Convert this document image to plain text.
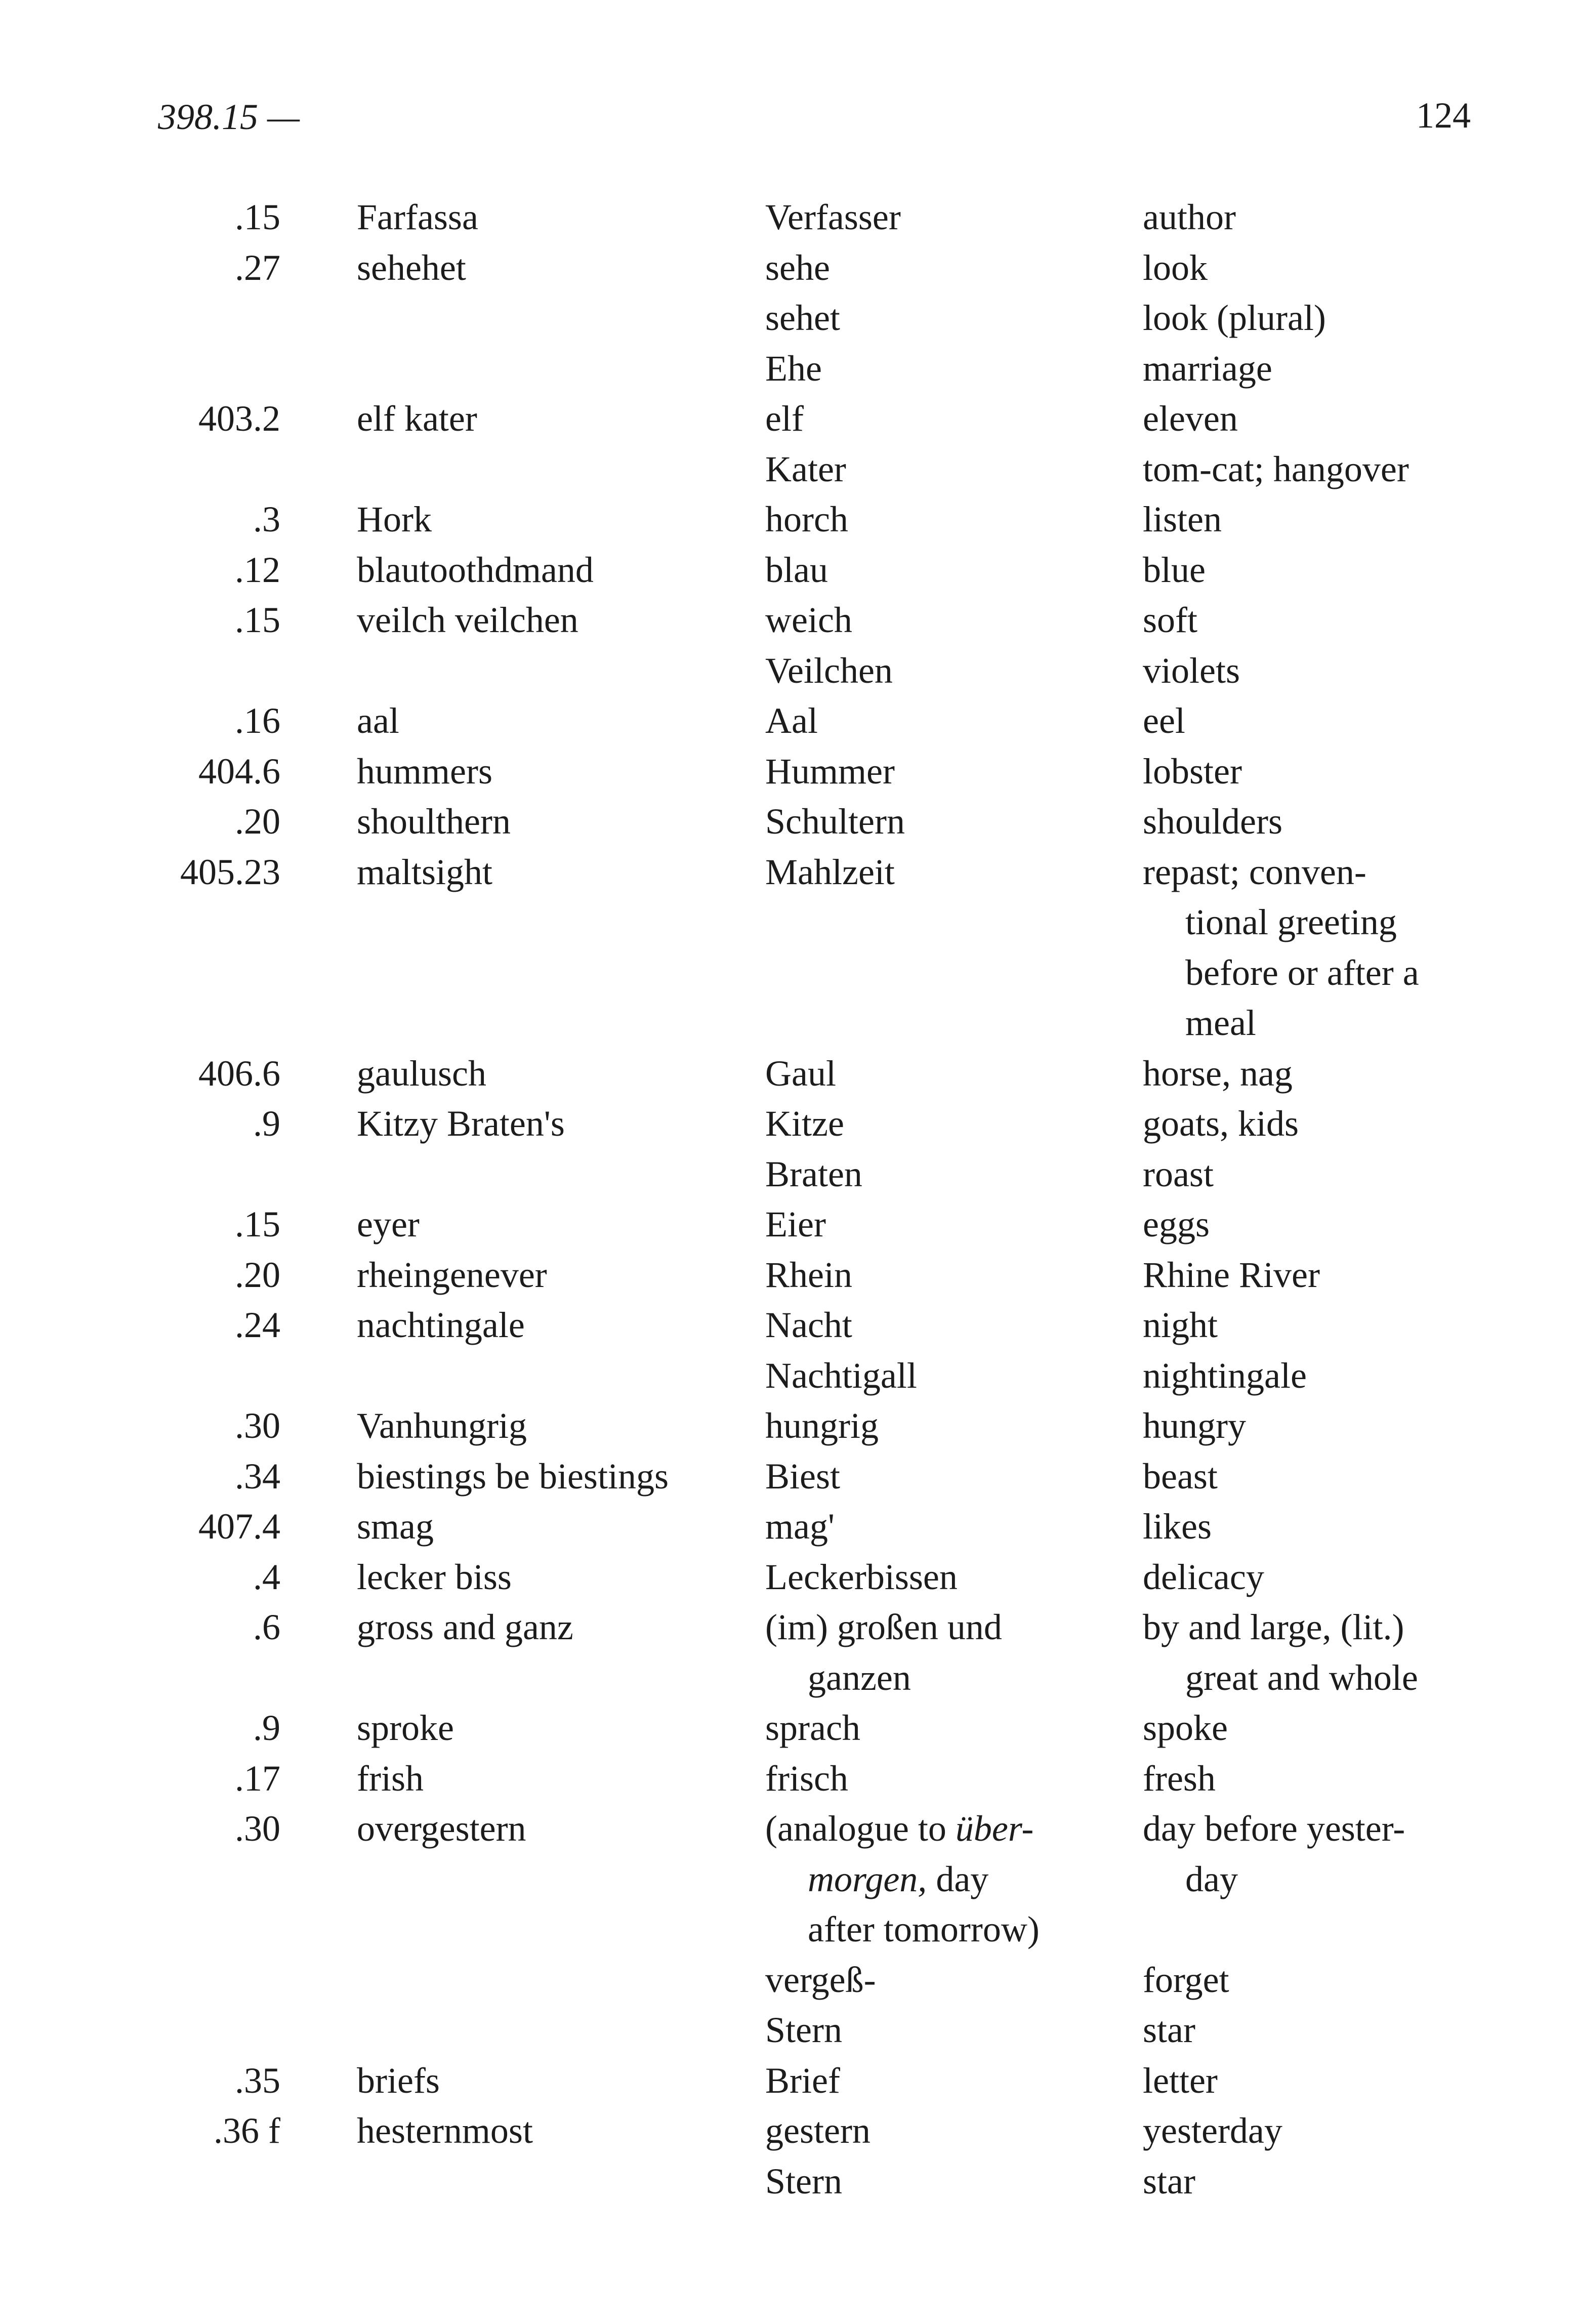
398.15 —	124
.15 Farfassa	Verfasser	author
.27 sehehet	sehe	look
sehet	look (plural)
Ehe	marriage
403.2 elf kater	elf	eleven
Kater	tom-cat; hangover
.3 Hork	horch	listen
.12 blautoothdmand	blau	blue
.15 veilch veilchen	weich	soft
Veilchen	violets
.16 aal	Aal	eel
404.6 hummers	Hummer	lobster
.20 shoulthern	Schultern	shoulders
405.23 maltsight	Mahlzeit	repast; conven-
tional greeting
before or after a
meal
406.6 gaulusch	Gaul	horse, nag
.9 Kitzy Braten's	Kitze	goats, kids
Braten	roast
.15 eyer	Eier	eggs
.20 rheingenever	Rhein	Rhine River
.24 nachtingale	Nacht	night
Nachtigall	nightingale
.30 Vanhungrig	hungrig	hungry
.34 biestings be biestings	Biest	beast
407.4 smag	mag'	likes
.4 lecker biss	Leckerbissen	delicacy
.6 gross and ganz	(im) großen und	by and large, (lit.)
ganzen	great and whole
.9 sproke	sprach	spoke
.17 frish	frisch	fresh
.30 overgestern	(analogue to über-	day before yester-
morgen, day	day
after tomorrow)
vergeß-	forget
Stern	star
.35 briefs	Brief	letter
.36 f hesternmost	gestern	yesterday
Stern	star
